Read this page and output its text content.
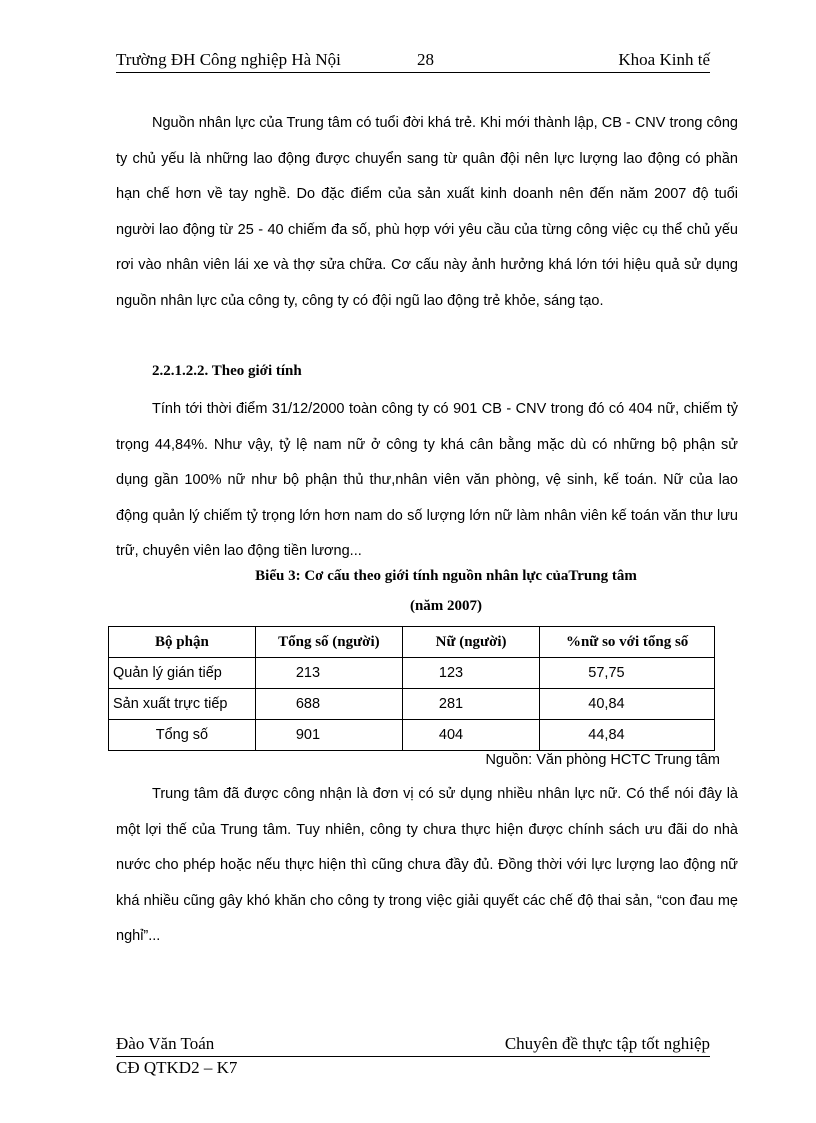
Trường ĐH Công nghiệp Hà Nội	28	Khoa Kinh tế

Nguồn nhân lực của Trung tâm có tuổi đời khá trẻ. Khi mới thành lập, CB - CNV trong công ty chủ yếu là những lao động được chuyển sang từ quân đội nên lực lượng lao động có phần hạn chế hơn về tay nghề. Do đặc điểm của sản xuất kinh doanh nên đến năm 2007 độ tuổi người lao động từ 25 - 40 chiếm đa số, phù hợp với yêu cầu của từng công việc cụ thể chủ yếu rơi vào nhân viên lái xe và thợ sửa chữa. Cơ cấu này ảnh hưởng khá lớn tới hiệu quả sử dụng nguồn nhân lực của công ty, công ty có đội ngũ lao động trẻ khỏe, sáng tạo.

2.2.1.2.2. Theo giới tính

Tính tới thời điểm 31/12/2000 toàn công ty có 901 CB - CNV trong đó có 404 nữ, chiếm tỷ trọng 44,84%. Như vậy, tỷ lệ nam nữ ở công ty khá cân bằng mặc dù có những bộ phận sử dụng gần 100% nữ như bộ phận thủ thư,nhân viên văn phòng, vệ sinh, kế toán. Nữ của lao động quản lý chiếm tỷ trọng lớn hơn nam do số lượng lớn nữ làm nhân viên kế toán văn thư lưu trữ, chuyên viên lao động tiền lương...

Biểu 3: Cơ cấu theo giới tính nguồn nhân lực củaTrung tâm
(năm 2007)
Bộ phận	Tổng số (người)	Nữ (người)	%nữ so với tổng số
Quản lý gián tiếp	213	123	57,75
Sản xuất trực tiếp	688	281	40,84
Tổng số	901	404	44,84
Nguồn: Văn phòng HCTC Trung tâm

Trung tâm đã được công nhận là đơn vị có sử dụng nhiều nhân lực nữ. Có thể nói đây là một lợi thế của Trung tâm. Tuy nhiên, công ty chưa thực hiện được chính sách ưu đãi do nhà nước cho phép hoặc nếu thực hiện thì cũng chưa đầy đủ. Đồng thời với lực lượng lao động nữ khá nhiều cũng gây khó khăn cho công ty trong việc giải quyết các chế độ thai sản, “con đau mẹ nghỉ”...

Đào Văn Toán	Chuyên đề thực tập tốt nghiệp
CĐ QTKD2 – K7
